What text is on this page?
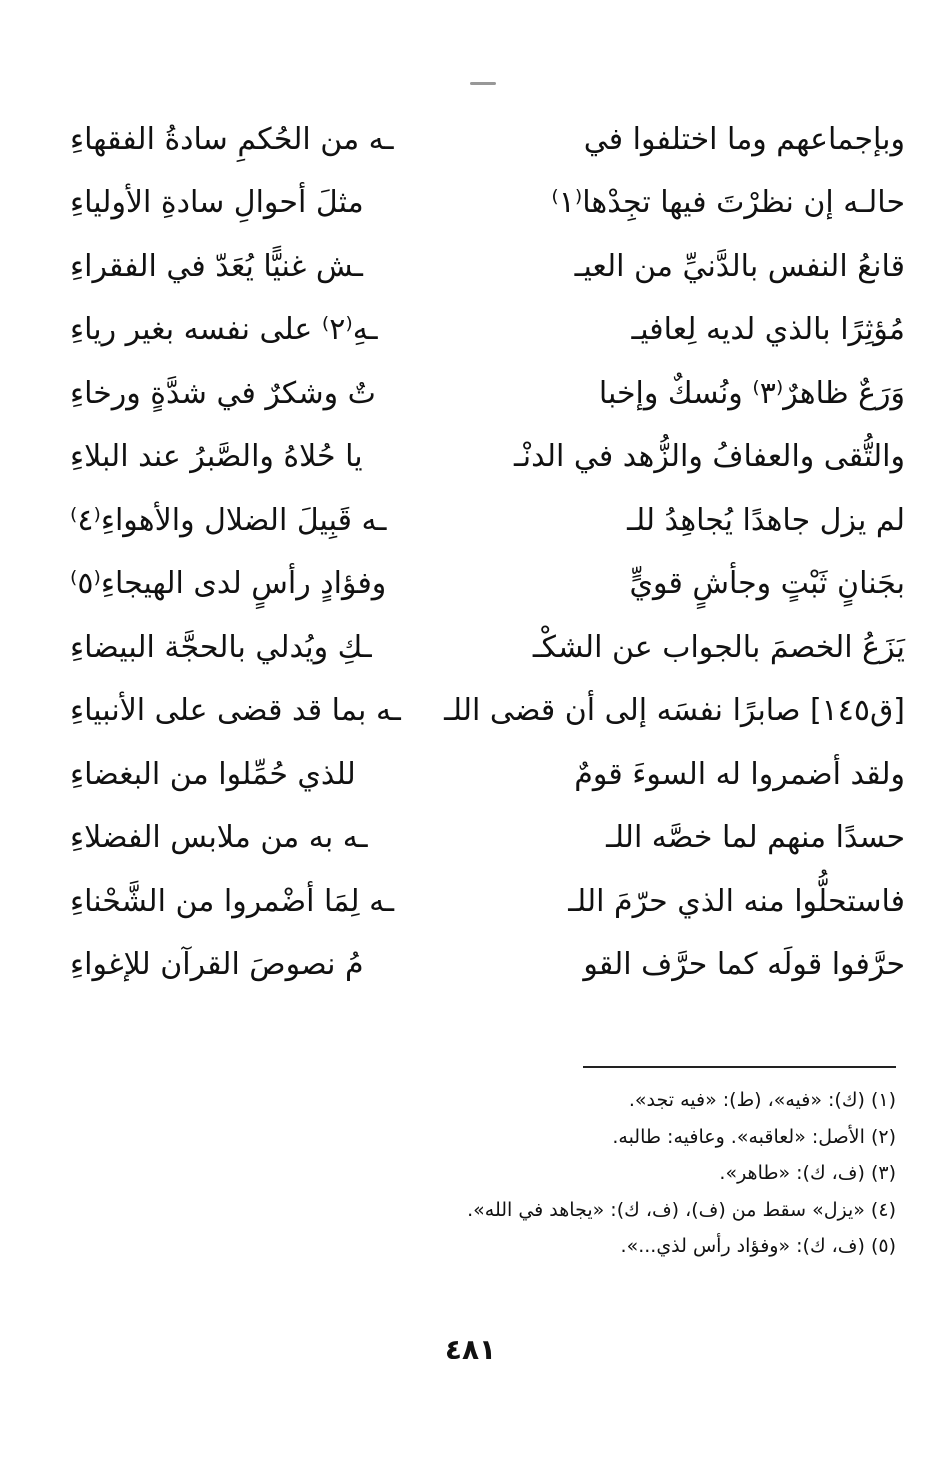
وبإجماعهم وما اختلفوا في
ـه من الحُكمِ سادةُ الفقهاءِ
حالـه إن نظرْتَ فيها تجِدْها⁽١⁾
مثلَ أحوالِ سادةِ الأولياءِ
قانعُ النفس بالدَّنيِّ من العيـ
ـش غنيًّا يُعَدّ في الفقراءِ
مُؤثِرًا بالذي لديه لِعافيـ
ـهِ⁽٢⁾ على نفسه بغير رياءِ
وَرَعٌ ظاهرٌ⁽٣⁾ ونُسكٌ وإخبا
تٌ وشكرٌ في شدَّةٍ ورخاءِ
والتُّقى والعفافُ والزُّهد في الدنْـ
يا حُلاهُ والصَّبرُ عند البلاءِ
لم يزل جاهدًا يُجاهِدُ للـ
ـه قَبِيلَ الضلال والأهواءِ⁽٤⁾
بجَنانٍ ثَبْتٍ وجأشٍ قويٍّ
وفؤادٍ رأسٍ لدى الهيجاءِ⁽٥⁾
يَزَعُ الخصمَ بالجواب عن الشكْـ
ـكِ ويُدلي بالحجَّة البيضاءِ
[ق١٤٥] صابرًا نفسَه إلى أن قضى اللـ
ـه بما قد قضى على الأنبياءِ
ولقد أضمروا له السوءَ قومٌ
للذي حُمِّلوا من البغضاءِ
حسدًا منهم لما خصَّه اللـ
ـه به من ملابس الفضلاءِ
فاستحلُّوا منه الذي حرّمَ اللـ
ـه لِمَا أضْمروا من الشَّحْناءِ
حرَّفوا قولَه كما حرَّف القو
مُ نصوصَ القرآن للإغواءِ
(١) (ك): «فيه»، (ط): «فيه تجد».
(٢) الأصل: «لعاقبه». وعافيه: طالبه.
(٣) (ف، ك): «طاهر».
(٤) «يزل» سقط من (ف)، (ف، ك): «يجاهد في الله».
(٥) (ف، ك): «وفؤاد رأس لذي...».
٤٨١
